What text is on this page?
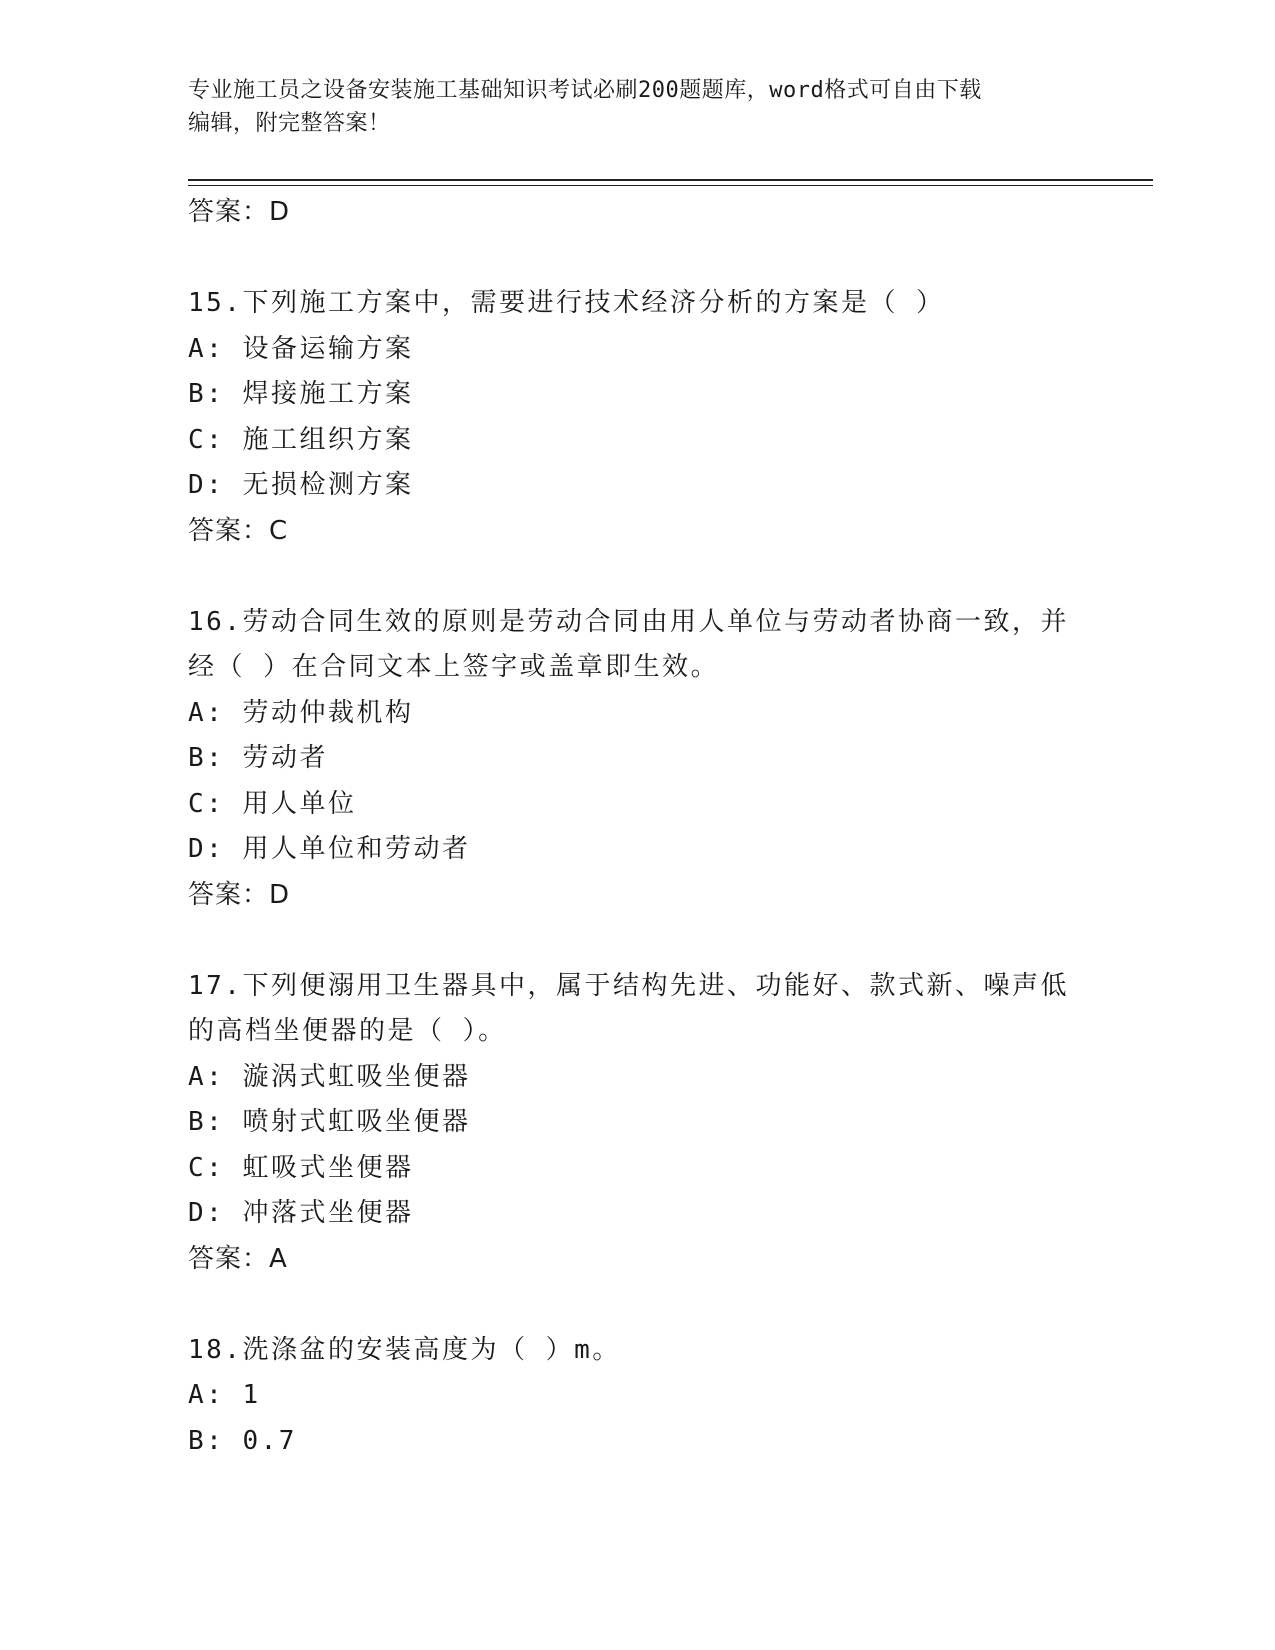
专业施工员之设备安装施工基础知识考试必刷200题题库，word格式可自由下载
编辑，附完整答案！
答案：D
15.下列施工方案中，需要进行技术经济分析的方案是（ ）
A: 设备运输方案
B: 焊接施工方案
C: 施工组织方案
D: 无损检测方案
答案：C
16.劳动合同生效的原则是劳动合同由用人单位与劳动者协商一致，并
经（ ）在合同文本上签字或盖章即生效。
A: 劳动仲裁机构
B: 劳动者
C: 用人单位
D: 用人单位和劳动者
答案：D
17.下列便溺用卫生器具中，属于结构先进、功能好、款式新、噪声低
的高档坐便器的是（ ）。
A: 漩涡式虹吸坐便器
B: 喷射式虹吸坐便器
C: 虹吸式坐便器
D: 冲落式坐便器
答案：A
18.洗涤盆的安装高度为（ ）m。
A: 1
B: 0.7
